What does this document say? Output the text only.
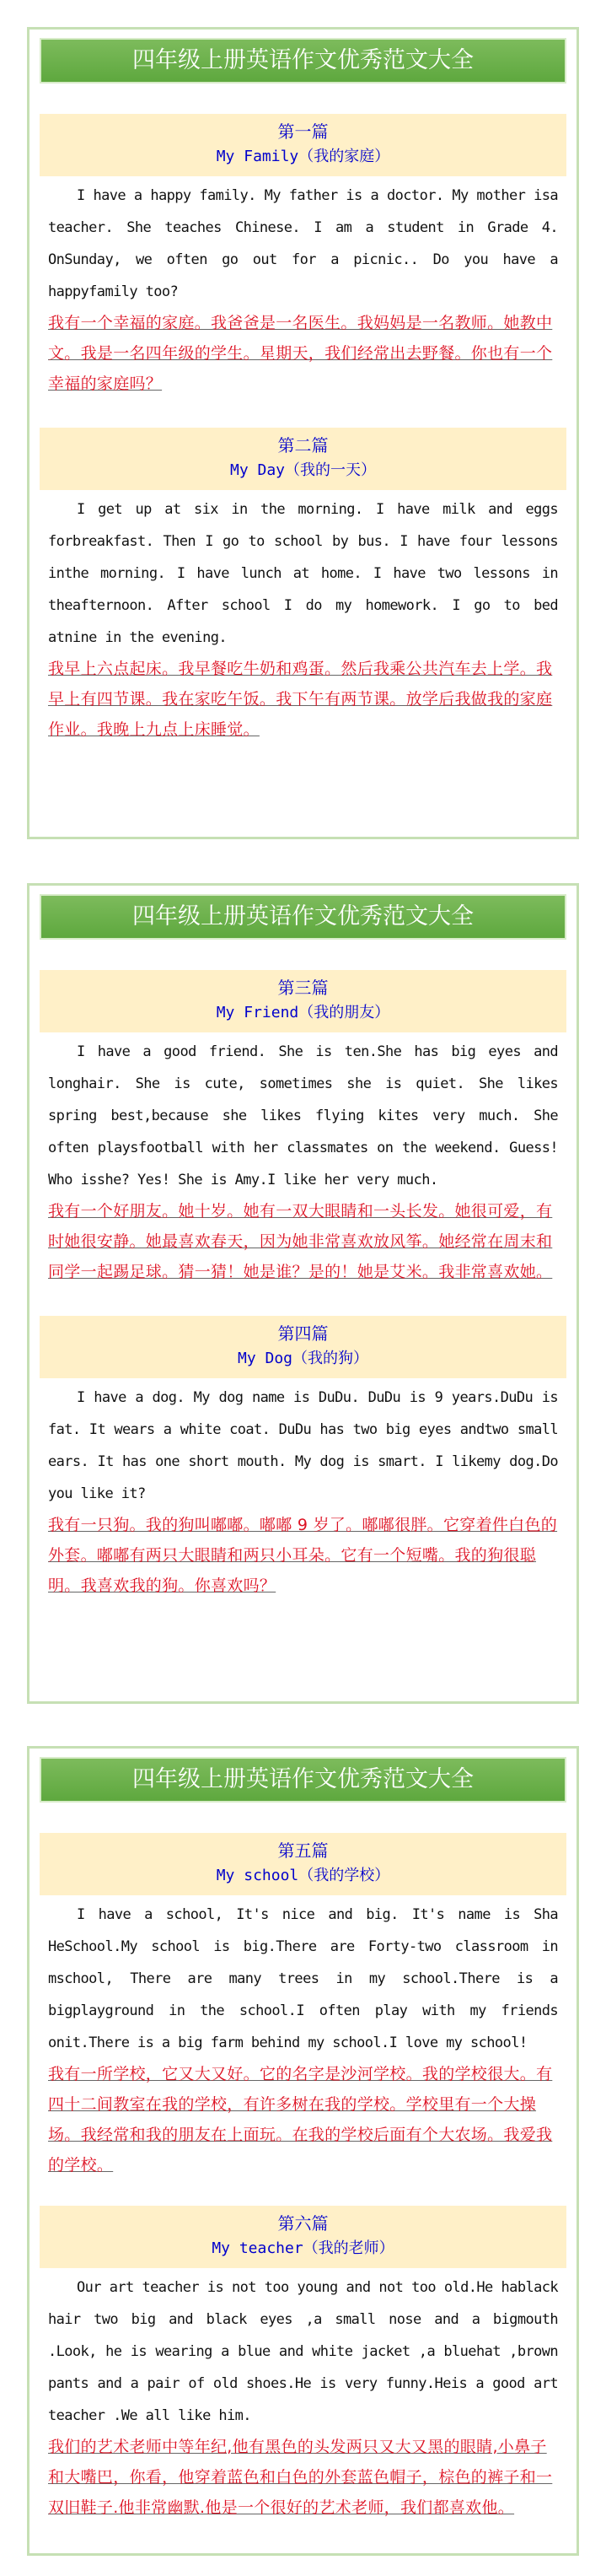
四年级上册英语作文优秀范文大全
第一篇
My Family（我的家庭）
I have a happy family. My father is a doctor. My mother isa teacher. She teaches Chinese. I am a student in Grade 4. OnSunday, we often go out for a picnic.. Do you have a happyfamily too?
我有一个幸福的家庭。我爸爸是一名医生。我妈妈是一名教师。她教中文。我是一名四年级的学生。星期天，我们经常出去野餐。你也有一个幸福的家庭吗？
第二篇
My Day（我的一天）
I get up at six in the morning. I have milk and eggs forbreakfast. Then I go to school by bus. I have four lessons inthe morning. I have lunch at home. I have two lessons in theafternoon. After school I do my homework. I go to bed atnine in the evening.
我早上六点起床。我早餐吃牛奶和鸡蛋。然后我乘公共汽车去上学。我早上有四节课。我在家吃午饭。我下午有两节课。放学后我做我的家庭作业。我晚上九点上床睡觉。
四年级上册英语作文优秀范文大全
第三篇
My Friend（我的朋友）
I have a good friend. She is ten.She has big eyes and longhair. She is cute, sometimes she is quiet. She likes spring best,because she likes flying kites very much. She often playsfootball with her classmates on the weekend. Guess! Who isshe? Yes! She is Amy.I like her very much.
我有一个好朋友。她十岁。她有一双大眼睛和一头长发。她很可爱，有时她很安静。她最喜欢春天，因为她非常喜欢放风筝。她经常在周末和同学一起踢足球。猜一猜！她是谁？是的！她是艾米。我非常喜欢她。
第四篇
My Dog（我的狗）
I have a dog. My dog name is DuDu. DuDu is 9 years.DuDu is fat. It wears a white coat. DuDu has two big eyes andtwo small ears. It has one short mouth. My dog is smart. I likemy dog.Do you like it?
我有一只狗。我的狗叫嘟嘟。嘟嘟 9 岁了。嘟嘟很胖。它穿着件白色的外套。嘟嘟有两只大眼睛和两只小耳朵。它有一个短嘴。我的狗很聪明。我喜欢我的狗。你喜欢吗？
四年级上册英语作文优秀范文大全
第五篇
My school（我的学校）
I have a school, It's nice and big. It's name is Sha HeSchool.My school is big.There are Forty-two classroom in mschool, There are many trees in my school.There is a bigplayground in the school.I often play with my friends onit.There is a big farm behind my school.I love my school!
我有一所学校，它又大又好。它的名字是沙河学校。我的学校很大。有四十二间教室在我的学校，有许多树在我的学校。学校里有一个大操场。我经常和我的朋友在上面玩。在我的学校后面有个大农场。我爱我的学校。
第六篇
My teacher（我的老师）
Our art teacher is not too young and not too old.He hablack hair two big and black eyes ,a small nose and a bigmouth .Look, he is wearing a blue and white jacket ,a bluehat ,brown pants and a pair of old shoes.He is very funny.Heis a good art teacher .We all like him.
我们的艺术老师中等年纪,他有黑色的头发两只又大又黑的眼睛,小鼻子和大嘴巴，你看，他穿着蓝色和白色的外套蓝色帽子，棕色的裤子和一双旧鞋子.他非常幽默.他是一个很好的艺术老师，我们都喜欢他。
